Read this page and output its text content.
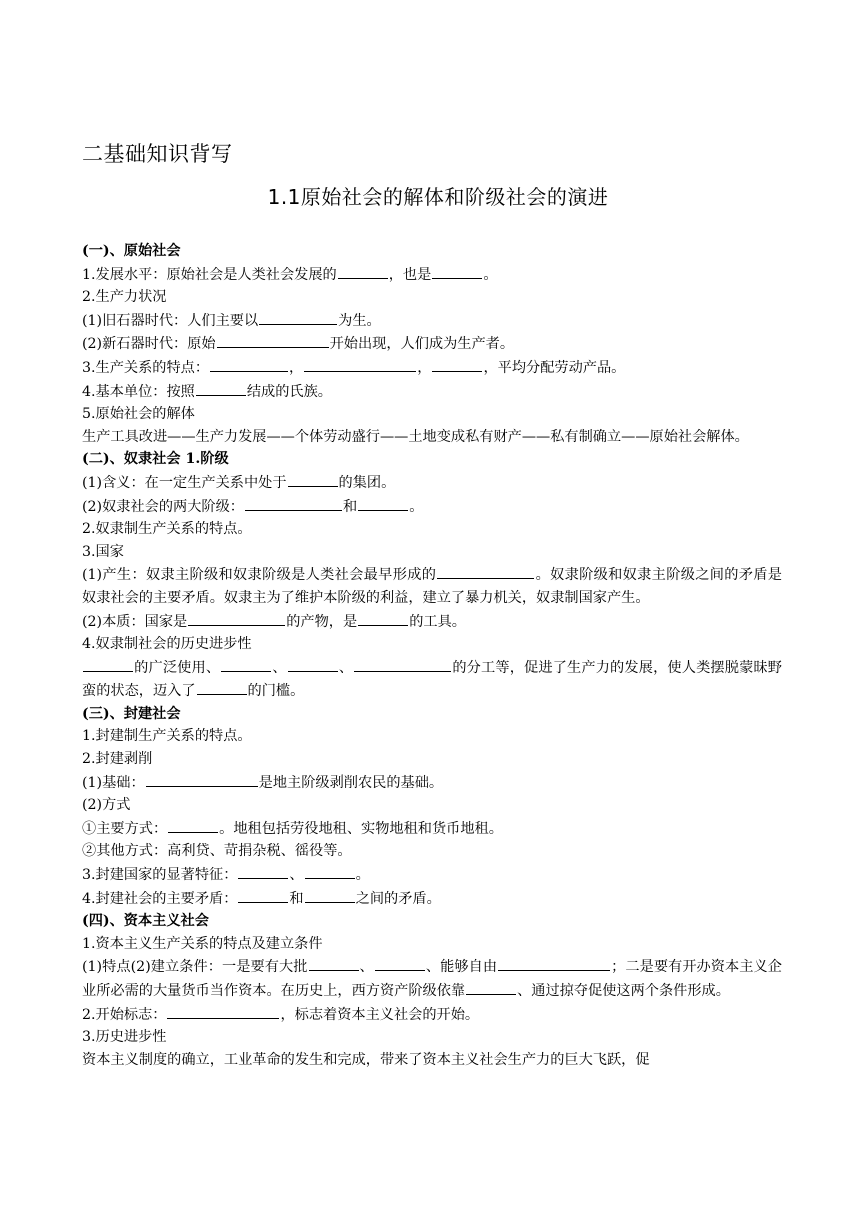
二基础知识背写
1.1原始社会的解体和阶级社会的演进
(一)、原始社会
1.发展水平：原始社会是人类社会发展的	，也是	。
2.生产力状况
(1)旧石器时代：人们主要以	为生。
(2)新石器时代：原始	开始出现，人们成为生产者。
3.生产关系的特点：	，	，	，平均分配劳动产品。
4.基本单位：按照	结成的氏族。
5.原始社会的解体
生产工具改进——生产力发展——个体劳动盛行——土地变成私有财产——私有制确立——原始社会解体。
(二)、奴隶社会 1.阶级
(1)含义：在一定生产关系中处于	的集团。
(2)奴隶社会的两大阶级：	和	。
2.奴隶制生产关系的特点。
3.国家
(1)产生：奴隶主阶级和奴隶阶级是人类社会最早形成的	。奴隶阶级和奴隶主阶级之间的矛盾是奴隶社会的主要矛盾。奴隶主为了维护本阶级的利益，建立了暴力机关，奴隶制国家产生。
(2)本质：国家是	的产物，是	的工具。
4.奴隶制社会的历史进步性
的广泛使用、	、	、	的分工等，促进了生产力的发展，使人类摆脱蒙昧野蛮的状态，迈入了	的门槛。
(三)、封建社会
1.封建制生产关系的特点。
2.封建剥削
(1)基础：	是地主阶级剥削农民的基础。
(2)方式
①主要方式：	。地租包括劳役地租、实物地租和货币地租。
②其他方式：高利贷、苛捐杂税、徭役等。
3.封建国家的显著特征：	、	。
4.封建社会的主要矛盾：	和	之间的矛盾。
(四)、资本主义社会
1.资本主义生产关系的特点及建立条件
(1)特点(2)建立条件：一是要有大批	、	、能够自由	；二是要有开办资本主义企业所必需的大量货币当作资本。在历史上，西方资产阶级依靠	、通过掠夺促使这两个条件形成。
2.开始标志：	，标志着资本主义社会的开始。
3.历史进步性
资本主义制度的确立，工业革命的发生和完成，带来了资本主义社会生产力的巨大飞跃，促
